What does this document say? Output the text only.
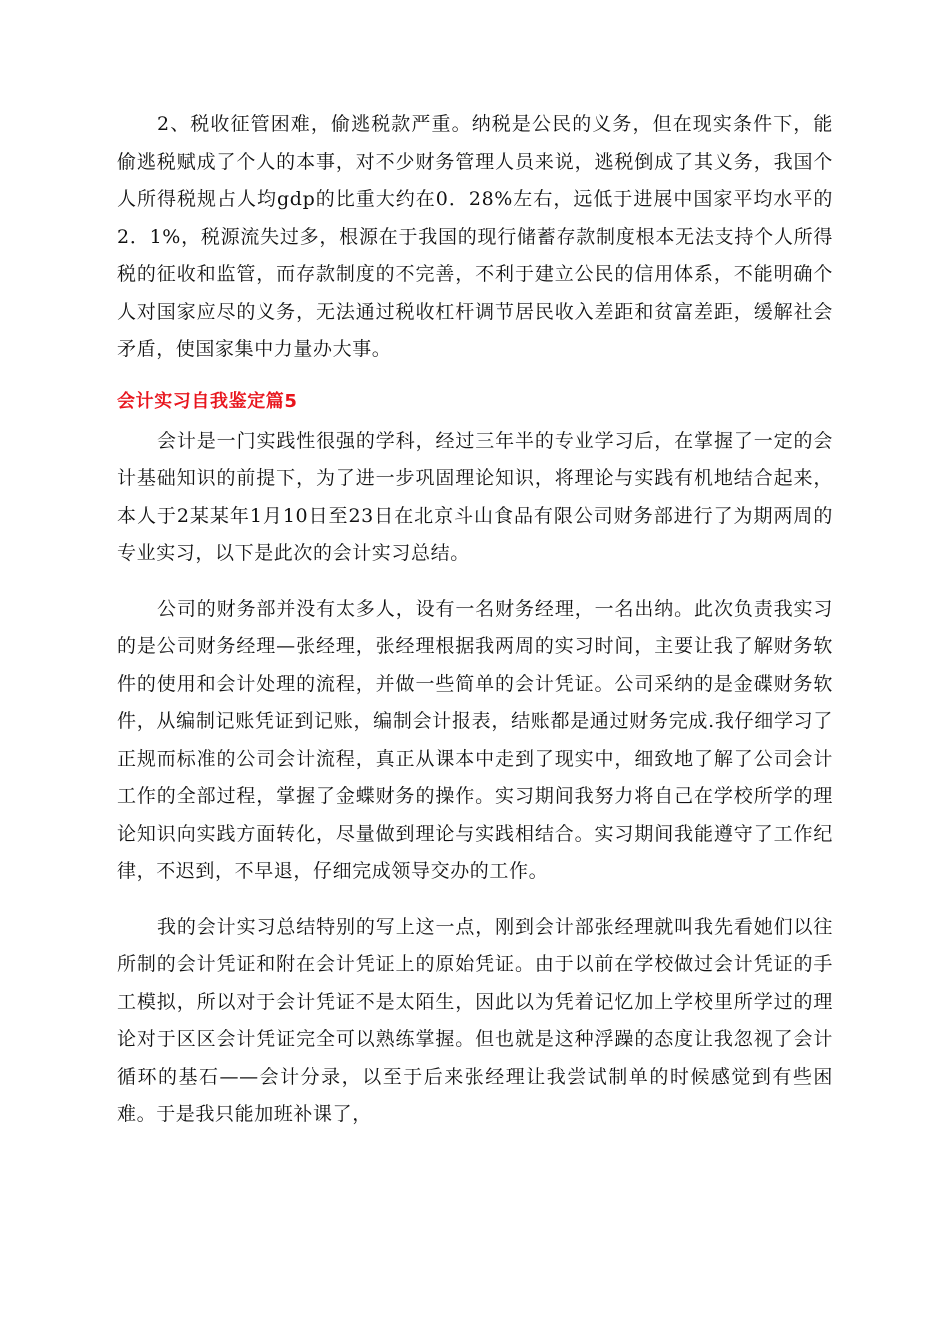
2、税收征管困难，偷逃税款严重。纳税是公民的义务，但在现实条件下，能偷逃税赋成了个人的本事，对不少财务管理人员来说，逃税倒成了其义务，我国个人所得税规占人均gdp的比重大约在0．28%左右，远低于进展中国家平均水平的2．1%，税源流失过多，根源在于我国的现行储蓄存款制度根本无法支持个人所得税的征收和监管，而存款制度的不完善，不利于建立公民的信用体系，不能明确个人对国家应尽的义务，无法通过税收杠杆调节居民收入差距和贫富差距，缓解社会矛盾，使国家集中力量办大事。

会计实习自我鉴定篇5

会计是一门实践性很强的学科，经过三年半的专业学习后，在掌握了一定的会计基础知识的前提下，为了进一步巩固理论知识，将理论与实践有机地结合起来，本人于2某某年1月10日至23日在北京斗山食品有限公司财务部进行了为期两周的专业实习，以下是此次的会计实习总结。

公司的财务部并没有太多人，设有一名财务经理，一名出纳。此次负责我实习的是公司财务经理—张经理，张经理根据我两周的实习时间，主要让我了解财务软件的使用和会计处理的流程，并做一些简单的会计凭证。公司采纳的是金碟财务软件，从编制记账凭证到记账，编制会计报表，结账都是通过财务完成.我仔细学习了正规而标准的公司会计流程，真正从课本中走到了现实中，细致地了解了公司会计工作的全部过程，掌握了金蝶财务的操作。实习期间我努力将自己在学校所学的理论知识向实践方面转化，尽量做到理论与实践相结合。实习期间我能遵守了工作纪律，不迟到，不早退，仔细完成领导交办的工作。

我的会计实习总结特别的写上这一点，刚到会计部张经理就叫我先看她们以往所制的会计凭证和附在会计凭证上的原始凭证。由于以前在学校做过会计凭证的手工模拟，所以对于会计凭证不是太陌生，因此以为凭着记忆加上学校里所学过的理论对于区区会计凭证完全可以熟练掌握。但也就是这种浮躁的态度让我忽视了会计循环的基石——会计分录，以至于后来张经理让我尝试制单的时候感觉到有些困难。于是我只能加班补课了，
